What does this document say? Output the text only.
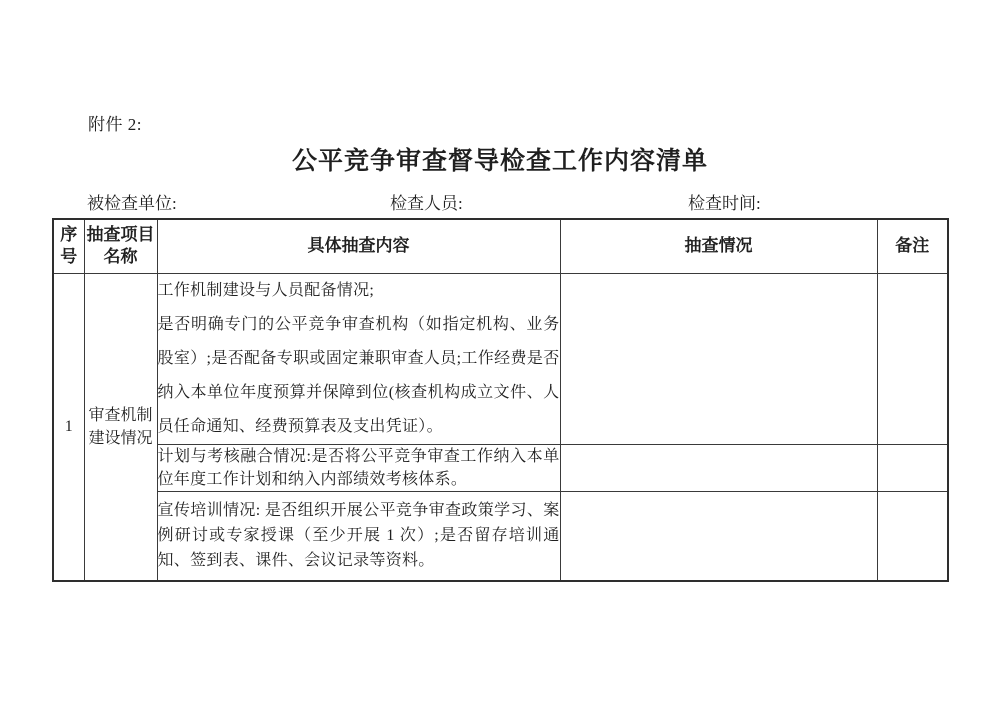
附件 2:
公平竞争审查督导检查工作内容清单
被检查单位:	检查人员:	检查时间:
序号	抽查项目名称	具体抽查内容	抽查情况	备注
1	审查机制建设情况	工作机制建设与人员配备情况;

是否明确专门的公平竞争审查机构（如指定机构、业务股室）;是否配备专职或固定兼职审查人员;工作经费是否纳入本单位年度预算并保障到位(核查机构成立文件、人员任命通知、经费预算表及支出凭证）。		

		计划与考核融合情况:是否将公平竞争审查工作纳入本单位年度工作计划和纳入内部绩效考核体系。		

		宣传培训情况: 是否组织开展公平竞争审查政策学习、案例研讨或专家授课（至少开展 1 次）;是否留存培训通知、签到表、课件、会议记录等资料。		
